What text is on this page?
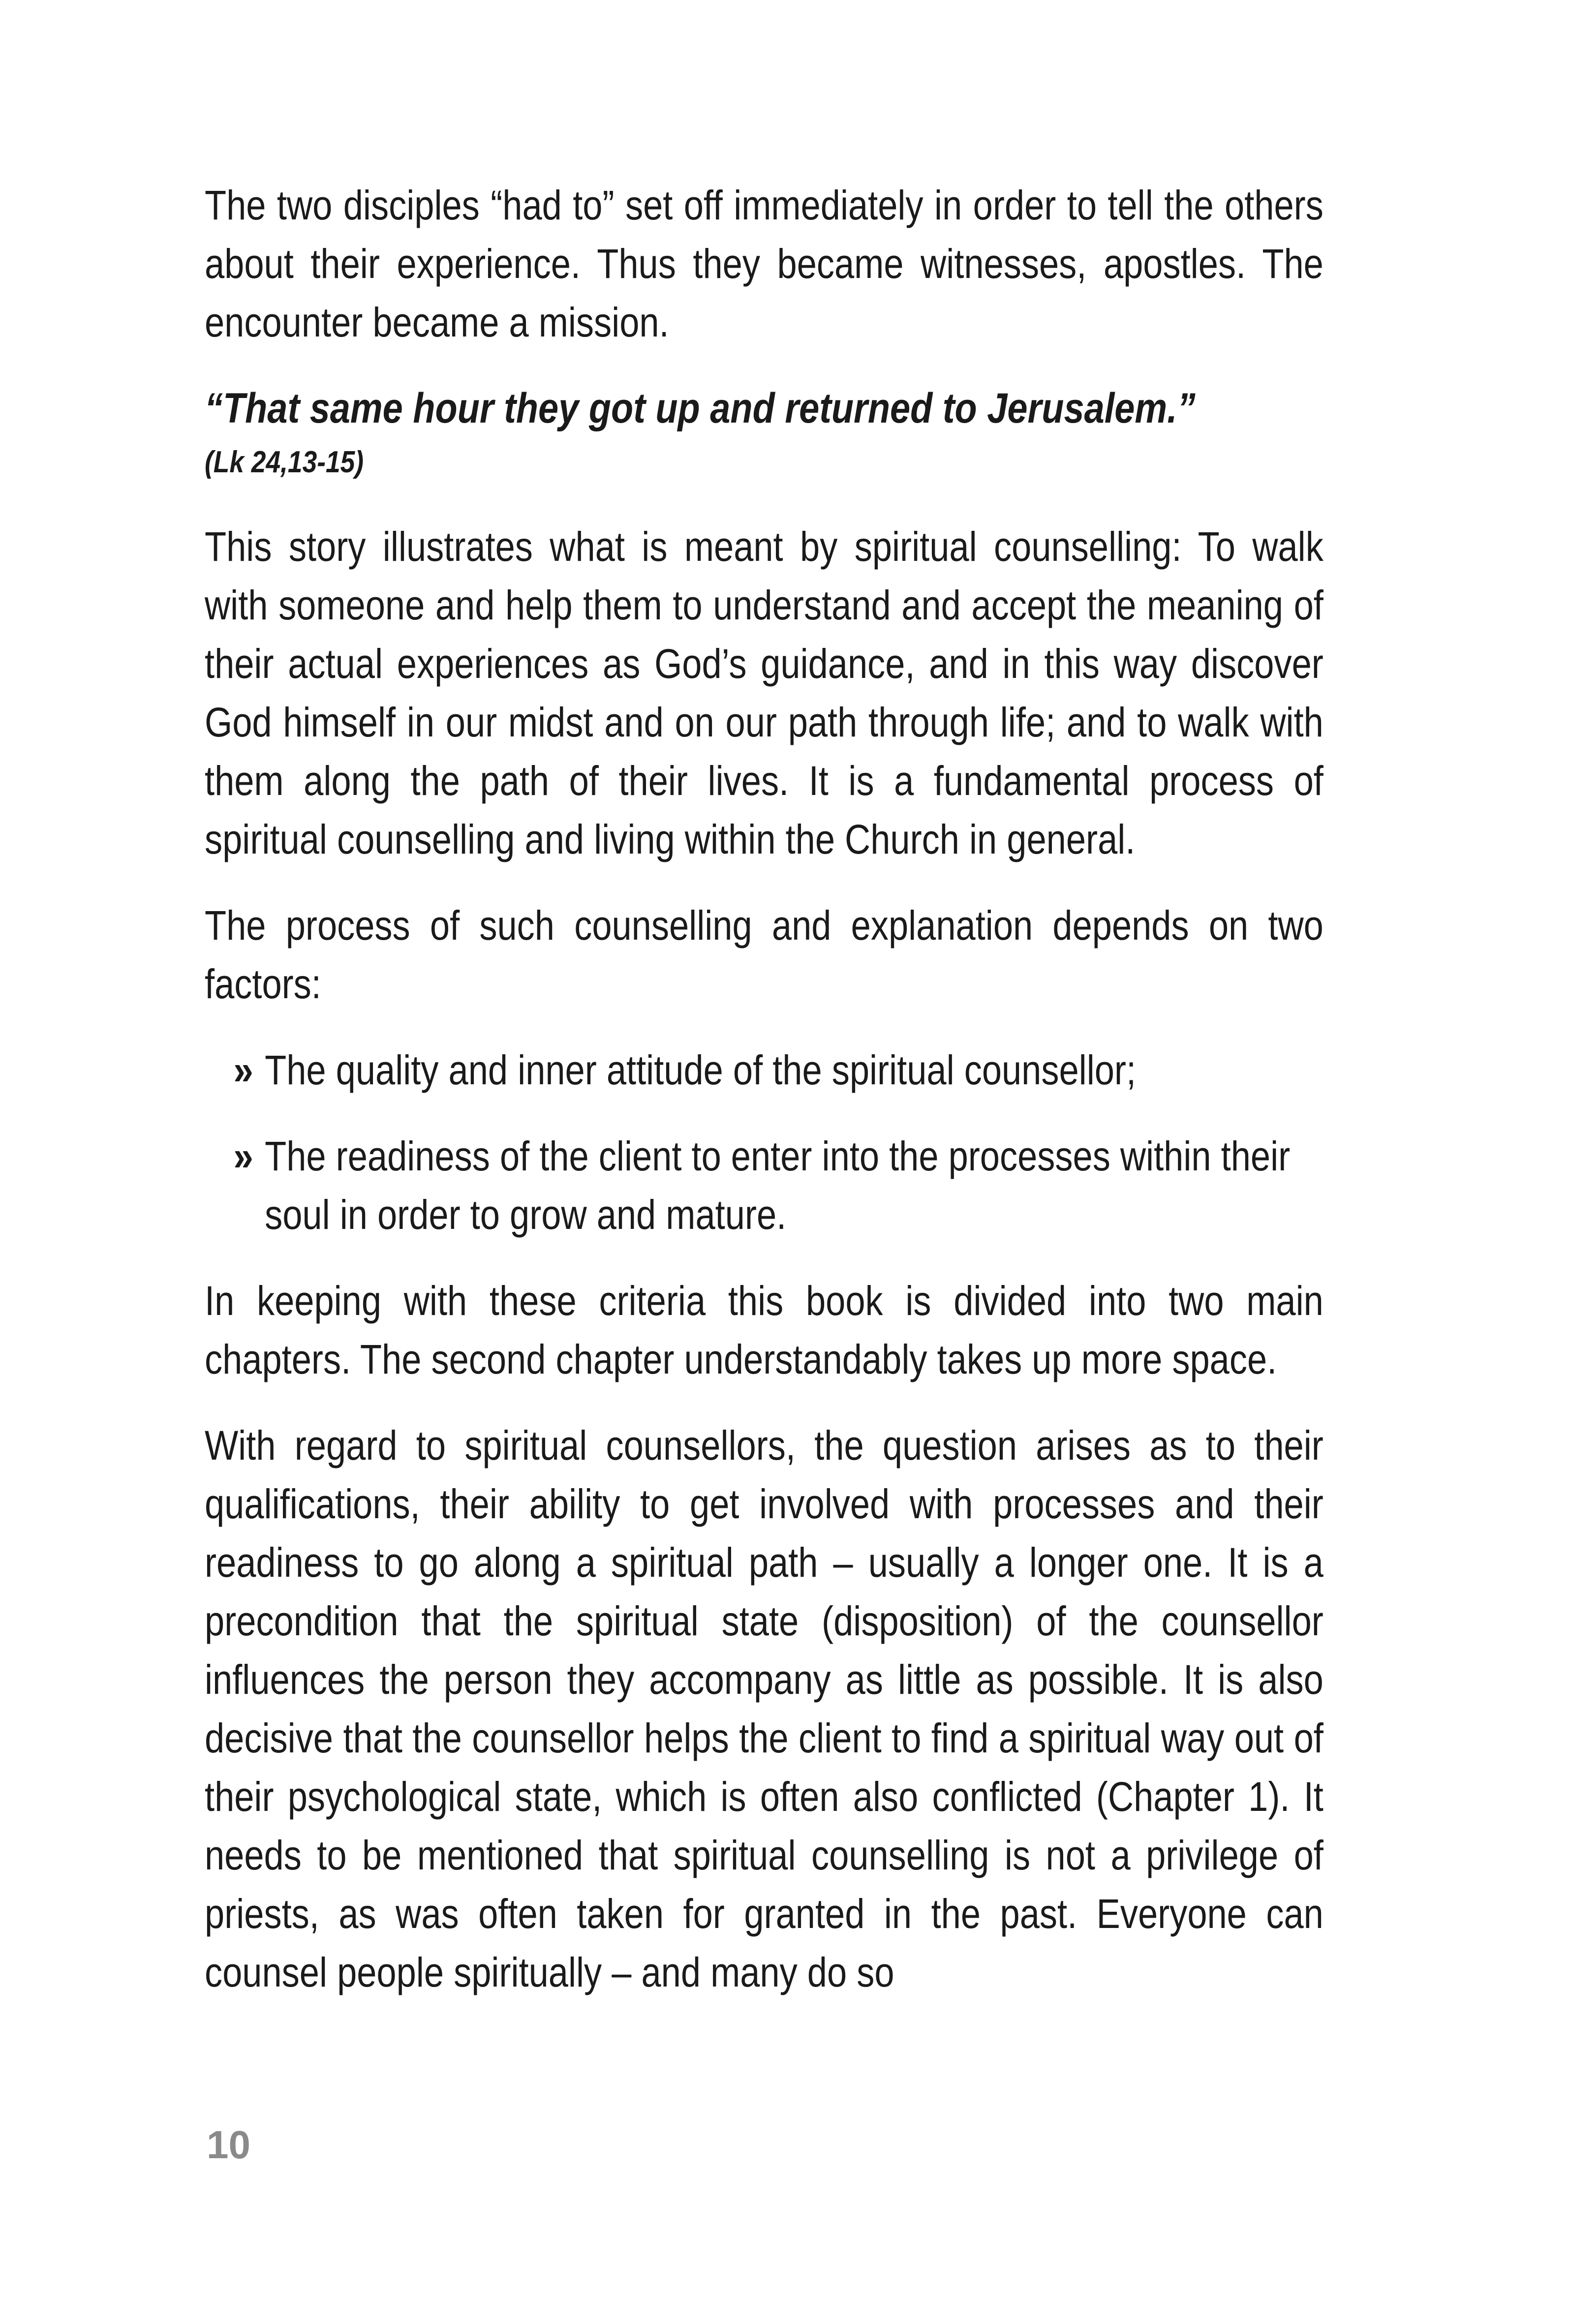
The two disciples “had to” set off immediately in order to tell the others about their experience. Thus they became witnesses, apostles. The encounter became a mission.

“That same hour they got up and returned to Jerusalem.”

(Lk 24,13-15)

This story illustrates what is meant by spiritual counselling: To walk with someone and help them to understand and accept the meaning of their actual experiences as God’s guidance, and in this way discover God himself in our midst and on our path through life; and to walk with them along the path of their lives. It is a fundamental process of spiritual counselling and living within the Church in general.

The process of such counselling and explanation depends on two factors:

» The quality and inner attitude of the spiritual counsellor;
» The readiness of the client to enter into the processes within their soul in order to grow and mature.

In keeping with these criteria this book is divided into two main chapters. The second chapter understandably takes up more space.

With regard to spiritual counsellors, the question arises as to their qualifications, their ability to get involved with processes and their readiness to go along a spiritual path – usually a longer one. It is a precondition that the spiritual state (disposition) of the counsellor influences the person they accompany as little as possible. It is also decisive that the counsellor helps the client to find a spiritual way out of their psychological state, which is often also conflicted (Chapter 1). It needs to be mentioned that spiritual counselling is not a privilege of priests, as was often taken for granted in the past. Everyone can counsel people spiritually – and many do so

10
